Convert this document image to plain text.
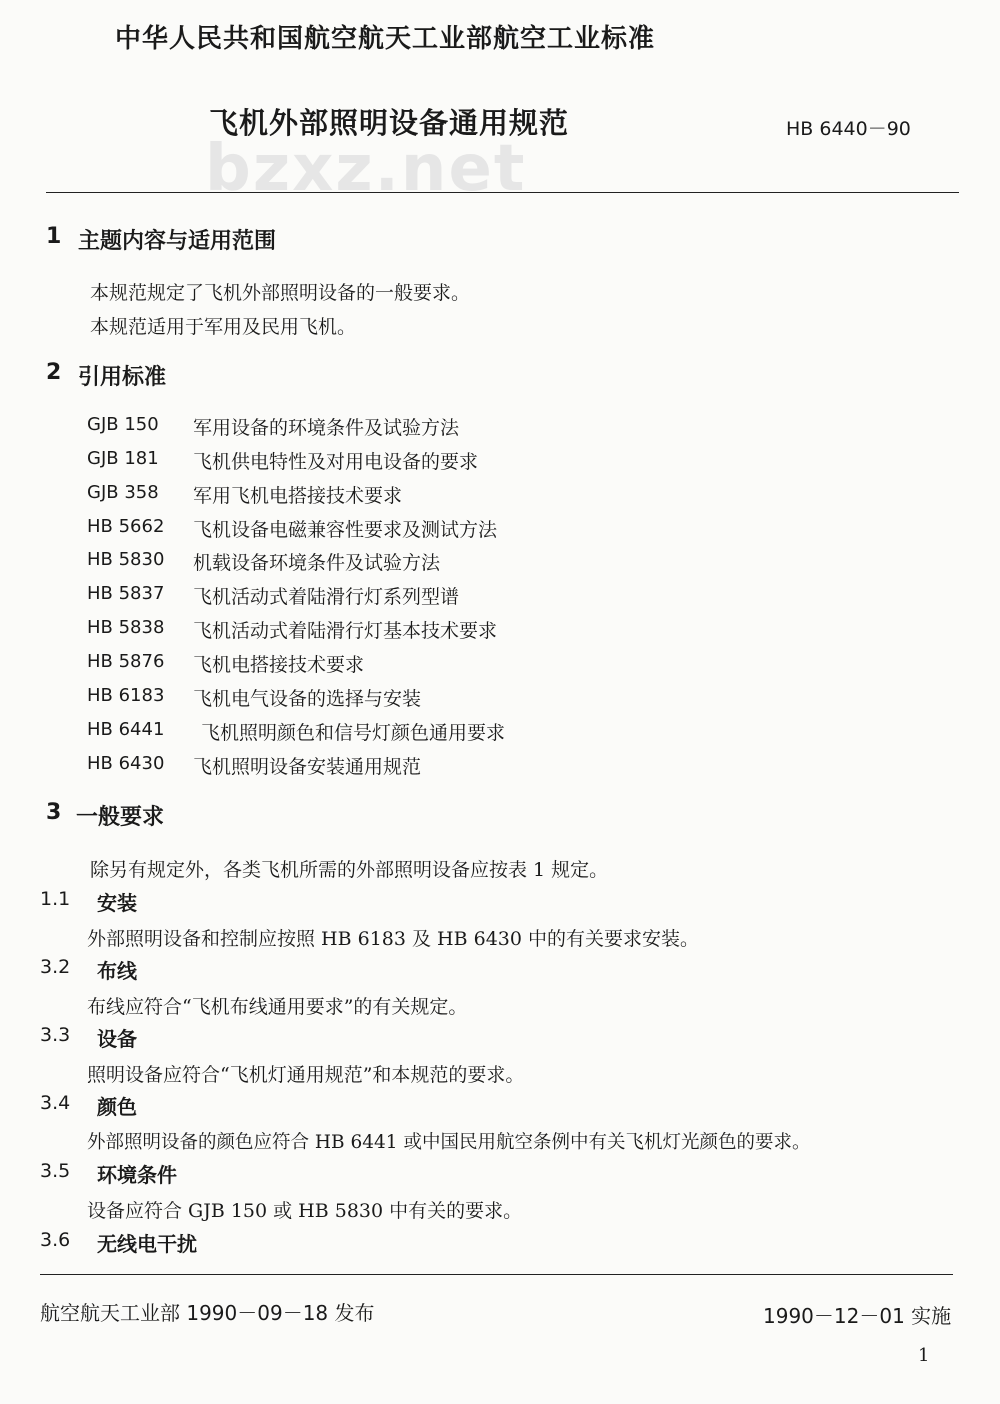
中华人民共和国航空航天工业部航空工业标准
bzxz.net
飞机外部照明设备通用规范	HB 6440－90
1 主题内容与适用范围
本规范规定了飞机外部照明设备的一般要求。
本规范适用于军用及民用飞机。
2 引用标准
GJB 150 军用设备的环境条件及试验方法
GJB 181 飞机供电特性及对用电设备的要求
GJB 358 军用飞机电搭接技术要求
HB 5662 飞机设备电磁兼容性要求及测试方法
HB 5830 机载设备环境条件及试验方法
HB 5837 飞机活动式着陆滑行灯系列型谱
HB 5838 飞机活动式着陆滑行灯基本技术要求
HB 5876 飞机电搭接技术要求
HB 6183 飞机电气设备的选择与安装
HB 6441 飞机照明颜色和信号灯颜色通用要求
HB 6430 飞机照明设备安装通用规范
3 一般要求
除另有规定外，各类飞机所需的外部照明设备应按表 1 规定。
1.1 安装
外部照明设备和控制应按照 HB 6183 及 HB 6430 中的有关要求安装。
3.2 布线
布线应符合“飞机布线通用要求”的有关规定。
3.3 设备
照明设备应符合“飞机灯通用规范”和本规范的要求。
3.4 颜色
外部照明设备的颜色应符合 HB 6441 或中国民用航空条例中有关飞机灯光颜色的要求。
3.5 环境条件
设备应符合 GJB 150 或 HB 5830 中有关的要求。
3.6 无线电干扰
航空航天工业部 1990－09－18 发布	1990－12－01 实施
1
